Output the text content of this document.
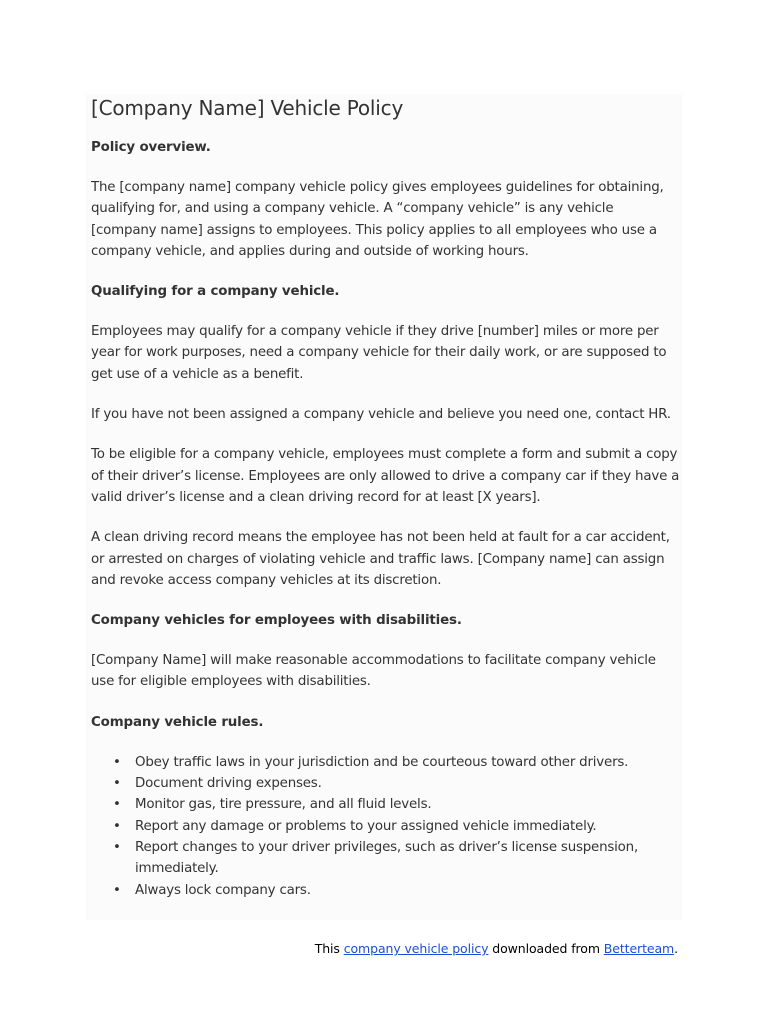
[Company Name] Vehicle Policy
Policy overview.

The [company name] company vehicle policy gives employees guidelines for obtaining, qualifying for, and using a company vehicle. A “company vehicle” is any vehicle [company name] assigns to employees. This policy applies to all employees who use a company vehicle, and applies during and outside of working hours.

Qualifying for a company vehicle.

Employees may qualify for a company vehicle if they drive [number] miles or more per year for work purposes, need a company vehicle for their daily work, or are supposed to get use of a vehicle as a benefit.

If you have not been assigned a company vehicle and believe you need one, contact HR.

To be eligible for a company vehicle, employees must complete a form and submit a copy of their driver’s license. Employees are only allowed to drive a company car if they have a valid driver’s license and a clean driving record for at least [X years].

A clean driving record means the employee has not been held at fault for a car accident, or arrested on charges of violating vehicle and traffic laws. [Company name] can assign and revoke access company vehicles at its discretion.

Company vehicles for employees with disabilities.

[Company Name] will make reasonable accommodations to facilitate company vehicle use for eligible employees with disabilities.

Company vehicle rules.
• Obey traffic laws in your jurisdiction and be courteous toward other drivers.
• Document driving expenses.
• Monitor gas, tire pressure, and all fluid levels.
• Report any damage or problems to your assigned vehicle immediately.
• Report changes to your driver privileges, such as driver’s license suspension, immediately.
• Always lock company cars.
This company vehicle policy downloaded from Betterteam.
